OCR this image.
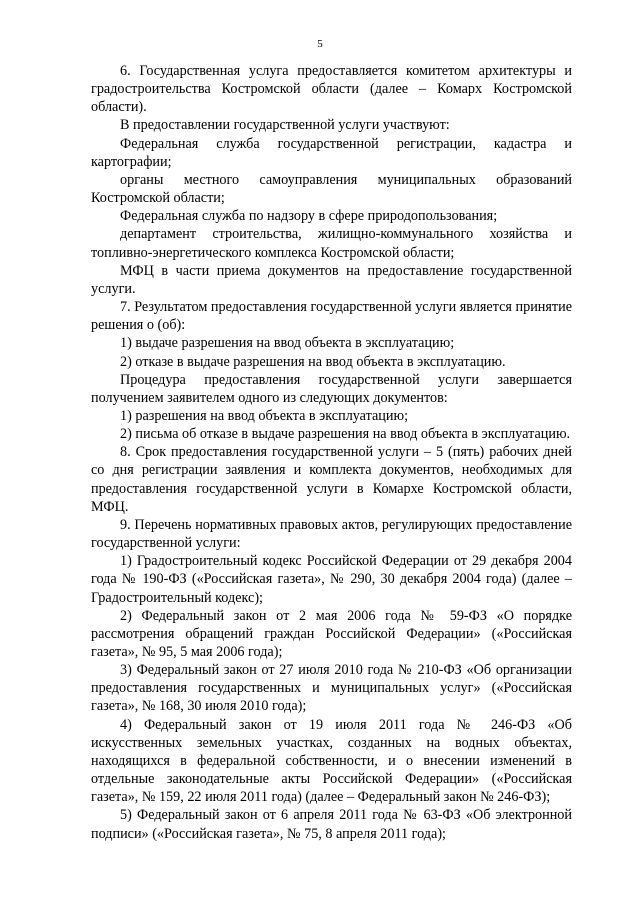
5

6. Государственная услуга предоставляется комитетом архитектуры и градостроительства Костромской области (далее – Комарх Костромской области).

В предоставлении государственной услуги участвуют:

Федеральная служба государственной регистрации, кадастра и картографии;

органы местного самоуправления муниципальных образований Костромской области;

Федеральная служба по надзору в сфере природопользования;

департамент строительства, жилищно-коммунального хозяйства и топливно-энергетического комплекса Костромской области;

МФЦ в части приема документов на предоставление государственной услуги.

7. Результатом предоставления государственной услуги является принятие решения о (об):

1) выдаче разрешения на ввод объекта в эксплуатацию;

2) отказе в выдаче разрешения на ввод объекта в эксплуатацию.

Процедура предоставления государственной услуги завершается получением заявителем одного из следующих документов:

1) разрешения на ввод объекта в эксплуатацию;

2) письма об отказе в выдаче разрешения на ввод объекта в эксплуатацию.

8. Срок предоставления государственной услуги – 5 (пять) рабочих дней со дня регистрации заявления и комплекта документов, необходимых для предоставления государственной услуги в Комархе Костромской области, МФЦ.

9. Перечень нормативных правовых актов, регулирующих предоставление государственной услуги:

1) Градостроительный кодекс Российской Федерации от 29 декабря 2004 года № 190-ФЗ («Российская газета», № 290, 30 декабря 2004 года) (далее – Градостроительный кодекс);

2) Федеральный закон от 2 мая 2006 года № 59-ФЗ «О порядке рассмотрения обращений граждан Российской Федерации» («Российская газета», № 95, 5 мая 2006 года);

3) Федеральный закон от 27 июля 2010 года № 210-ФЗ «Об организации предоставления государственных и муниципальных услуг» («Российская газета», № 168, 30 июля 2010 года);

4) Федеральный закон от 19 июля 2011 года № 246-ФЗ «Об искусственных земельных участках, созданных на водных объектах, находящихся в федеральной собственности, и о внесении изменений в отдельные законодательные акты Российской Федерации» («Российская газета», № 159, 22 июля 2011 года) (далее – Федеральный закон № 246-ФЗ);

5) Федеральный закон от 6 апреля 2011 года № 63-ФЗ «Об электронной подписи» («Российская газета», № 75, 8 апреля 2011 года);
